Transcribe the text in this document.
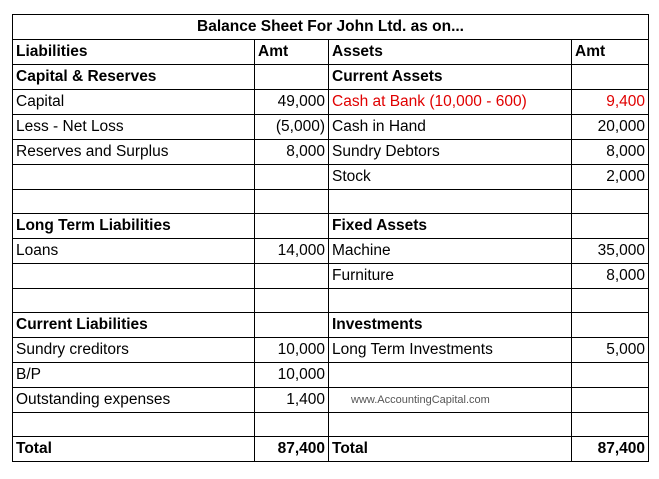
Balance Sheet For John Ltd. as on...			
Liabilities	Amt	Assets	Amt
Capital & Reserves		Current Assets	
Capital	49,000	Cash at Bank (10,000 - 600)	9,400
Less - Net Loss	(5,000)	Cash in Hand	20,000
Reserves and Surplus	8,000	Sundry Debtors	8,000
		Stock	2,000

Long Term Liabilities		Fixed Assets	
Loans	14,000	Machine	35,000
		Furniture	8,000

Current Liabilities		Investments	
Sundry creditors	10,000	Long Term Investments	5,000
B/P	10,000		
Outstanding expenses	1,400	www.AccountingCapital.com	

Total	87,400	Total	87,400
